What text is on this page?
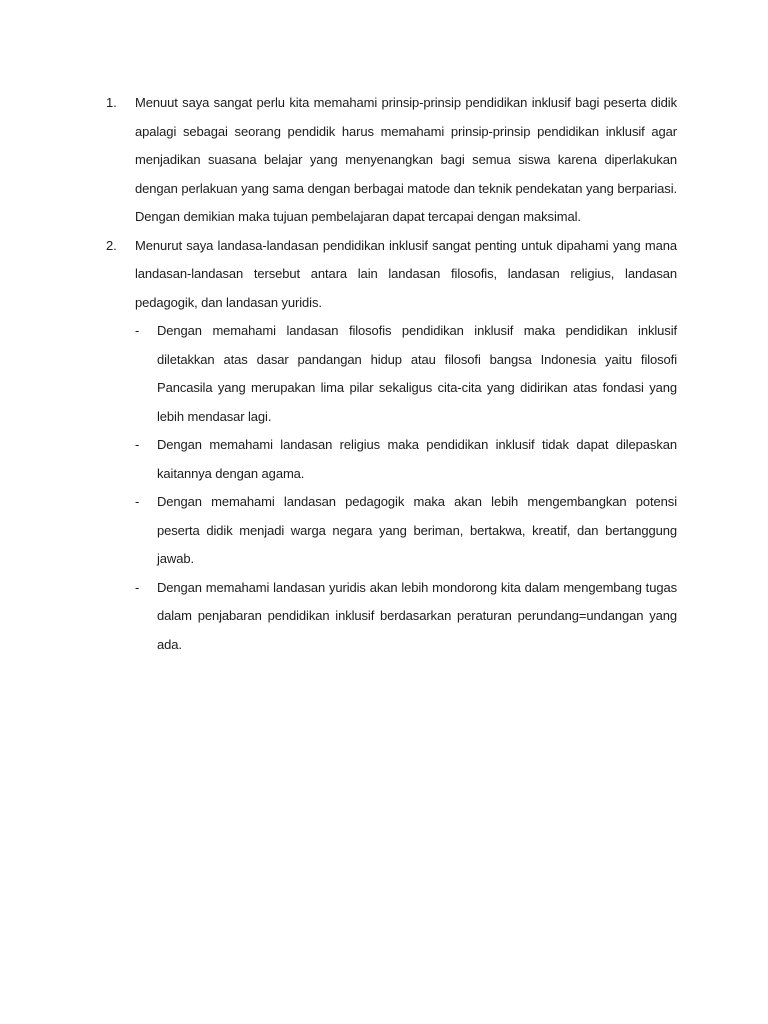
1.	Menuut saya sangat perlu kita memahami prinsip-prinsip pendidikan inklusif bagi peserta didik apalagi sebagai seorang pendidik harus memahami prinsip-prinsip pendidikan inklusif agar menjadikan suasana belajar yang menyenangkan bagi semua siswa karena diperlakukan dengan perlakuan yang sama dengan berbagai matode dan teknik pendekatan yang berpariasi. Dengan demikian maka tujuan pembelajaran dapat tercapai dengan maksimal.
2.	Menurut saya landasa-landasan pendidikan inklusif sangat penting untuk dipahami yang mana landasan-landasan tersebut antara lain landasan filosofis, landasan religius, landasan pedagogik, dan landasan yuridis.
-	Dengan memahami landasan filosofis pendidikan inklusif maka pendidikan inklusif diletakkan atas dasar pandangan hidup atau filosofi bangsa Indonesia yaitu filosofi Pancasila yang merupakan lima pilar sekaligus cita-cita yang didirikan atas fondasi yang lebih mendasar lagi.
-	Dengan memahami landasan religius maka pendidikan inklusif tidak dapat dilepaskan kaitannya dengan agama.
-	Dengan memahami landasan pedagogik maka akan lebih mengembangkan potensi peserta didik menjadi warga negara yang beriman, bertakwa, kreatif, dan bertanggung jawab.
-	Dengan memahami landasan yuridis akan lebih mondorong kita dalam mengembang tugas dalam penjabaran pendidikan inklusif berdasarkan peraturan perundang=undangan yang ada.
